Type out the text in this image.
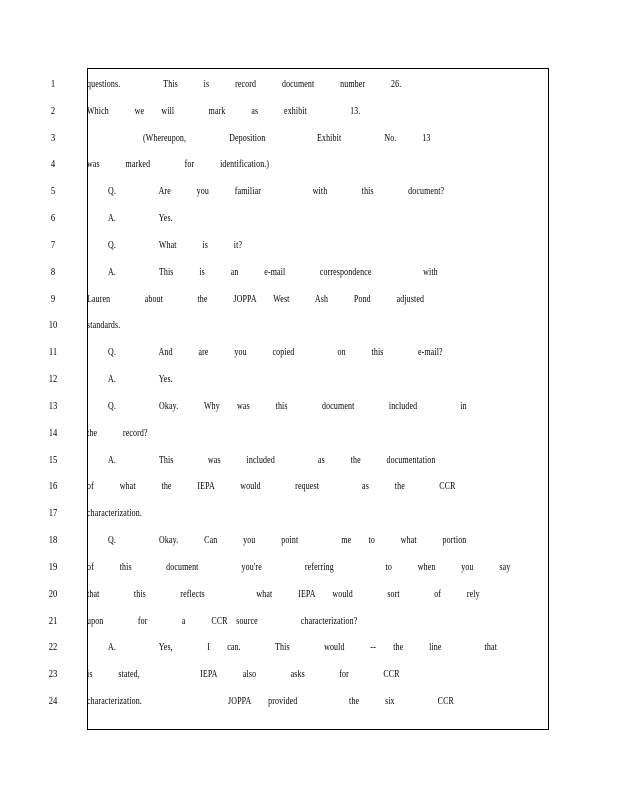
1	questions.     This   is   record   document   number   26.
2	Which   we  will    mark   as   exhibit     13.
3	(Whereupon,     Deposition      Exhibit     No.   13
4	was   marked    for   identification.)
5	Q.     Are   you   familiar      with    this    document?
6	A.     Yes.
7	Q.     What   is   it?
8	A.     This   is   an   e-mail    correspondence      with
9	Lauren    about    the   JOPPA  West   Ash   Pond   adjusted
10	standards.
11	Q.     And   are   you   copied     on   this    e-mail?
12	A.     Yes.
13	Q.     Okay.   Why  was   this    document    included     in
14	the   record?
15	A.     This    was   included     as   the   documentation
16	of   what   the   IEPA   would    request     as   the    CCR
17	characterization.
18	Q.     Okay.   Can   you   point     me  to   what   portion
19	of   this    document     you're     referring      to   when   you   say
20	that    this    reflects      what   IEPA  would    sort    of   rely
21	upon    for    a   CCR source     characterization?
22	A.     Yes,    I  can.    This    would   --  the   line     that
23	is   stated,       IEPA   also    asks    for    CCR
24	characterization.          JOPPA  provided      the   six     CCR
